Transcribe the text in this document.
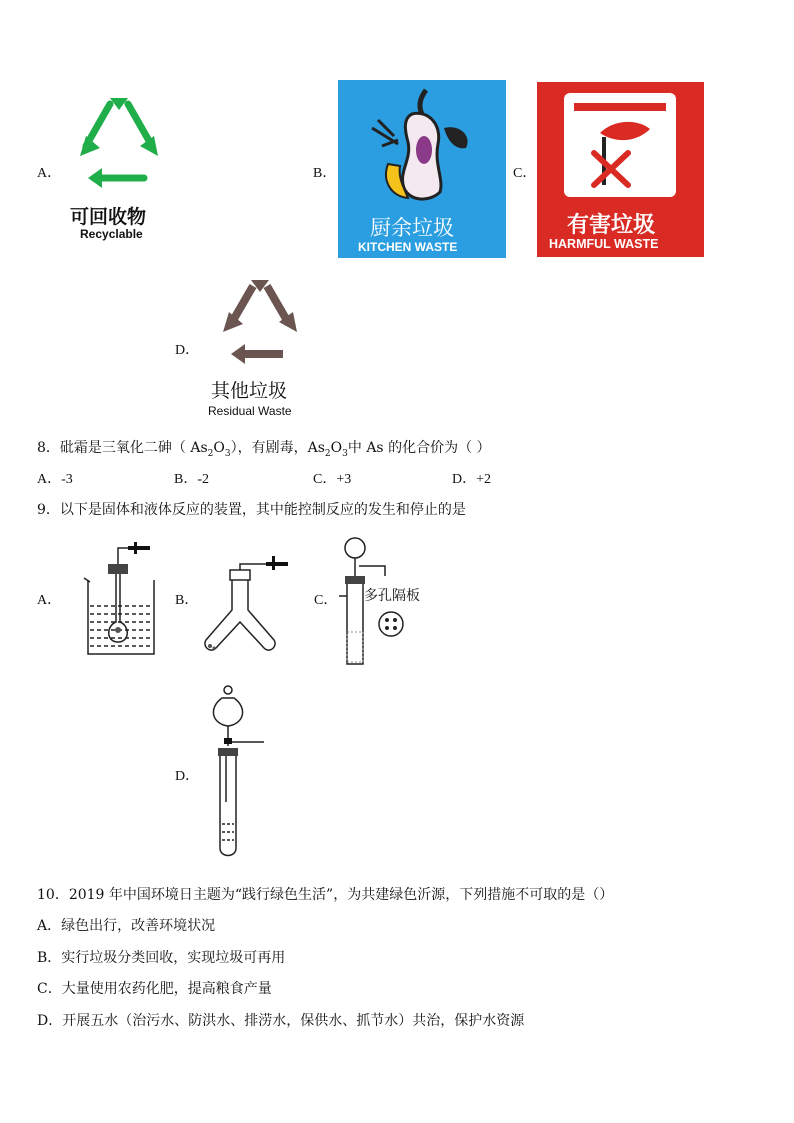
A．
可回收物
Recyclable
B．
厨余垃圾
KITCHEN WASTE
C．
有害垃圾
HARMFUL WASTE
D．
其他垃圾
Residual Waste
8．砒霜是三氧化二砷（ $As_2O_3$），有剧毒，$As_2O_3$中 As 的化合价为（ ）
A．-3	B．-2	C．+3	D．+2
9．以下是固体和液体反应的装置，其中能控制反应的发生和停止的是
A．	B．	C． 多孔隔板
D．
10．2019 年中国环境日主题为“践行绿色生活”，为共建绿色沂源，下列措施不可取的是（）
A．绿色出行，改善环境状况
B．实行垃圾分类回收，实现垃圾可再用
C．大量使用农药化肥，提高粮食产量
D．开展五水（治污水、防洪水、排涝水，保供水、抓节水）共治，保护水资源
